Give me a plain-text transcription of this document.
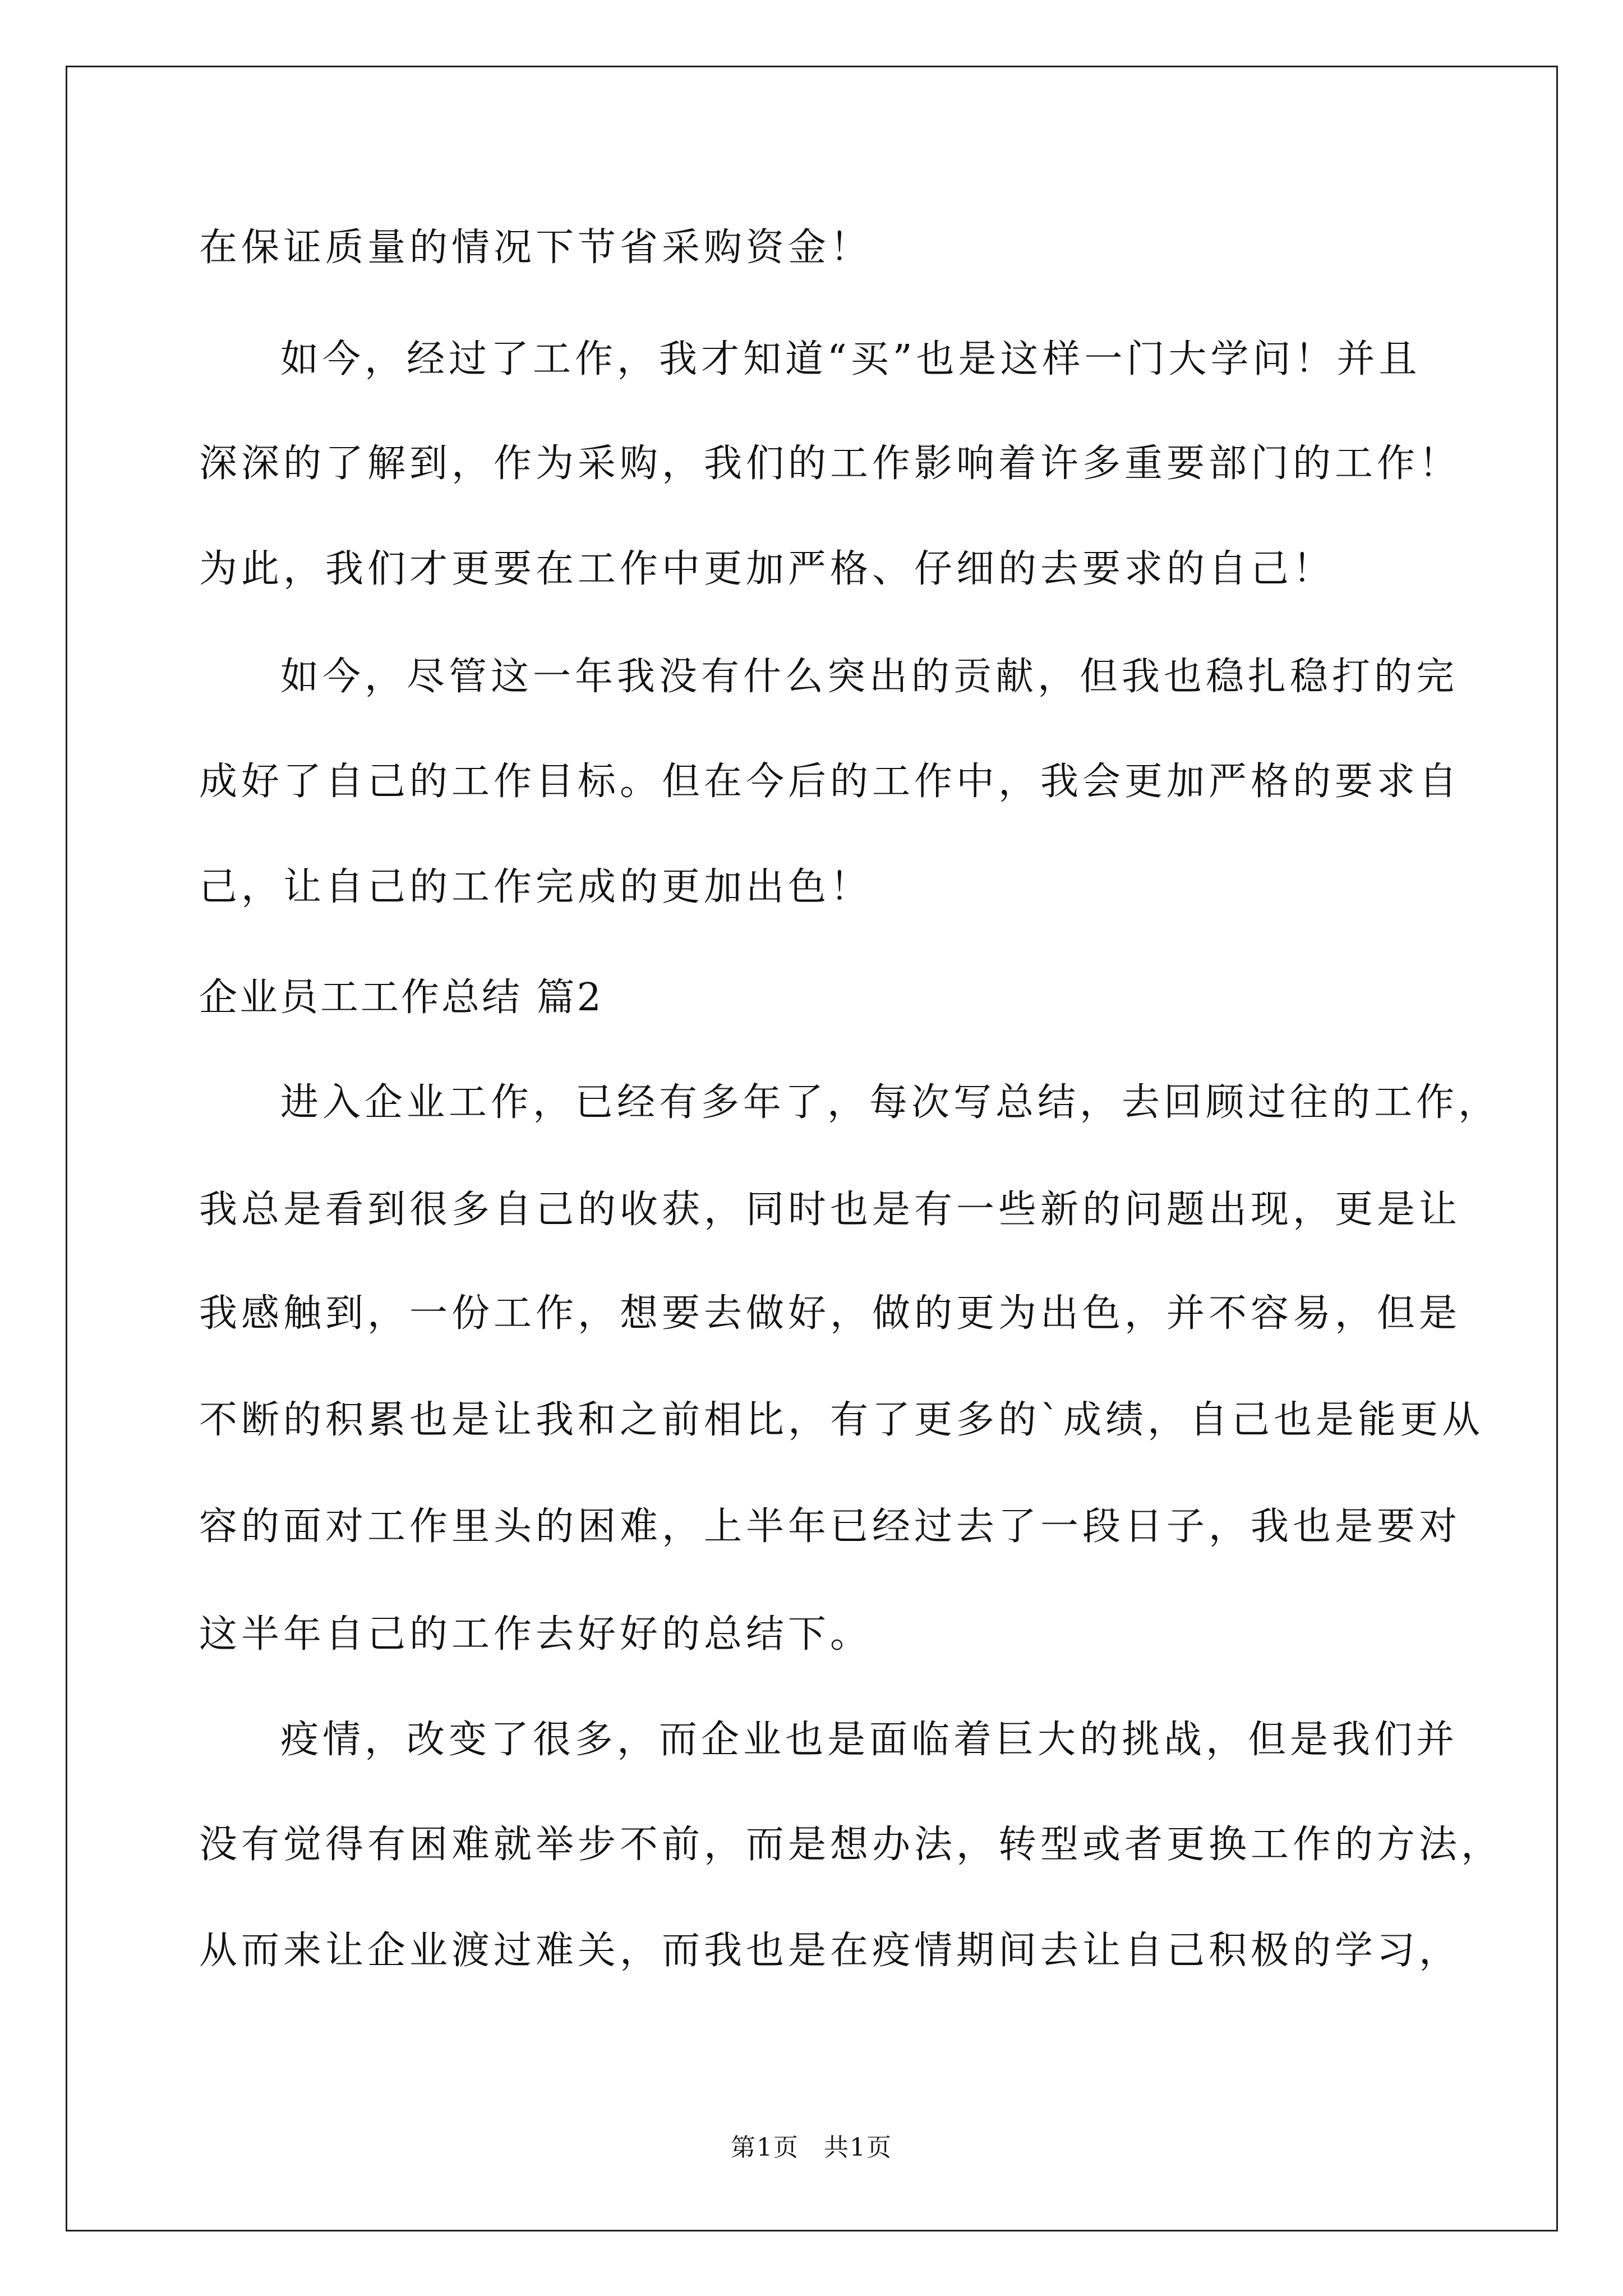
在保证质量的情况下节省采购资金！
如今，经过了工作，我才知道“买”也是这样一门大学问！并且
深深的了解到，作为采购，我们的工作影响着许多重要部门的工作！
为此，我们才更要在工作中更加严格、仔细的去要求的自己！
如今，尽管这一年我没有什么突出的贡献，但我也稳扎稳打的完
成好了自己的工作目标。但在今后的工作中，我会更加严格的要求自
己，让自己的工作完成的更加出色！
企业员工工作总结 篇2
进入企业工作，已经有多年了，每次写总结，去回顾过往的工作，
我总是看到很多自己的收获，同时也是有一些新的问题出现，更是让
我感触到，一份工作，想要去做好，做的更为出色，并不容易，但是
不断的积累也是让我和之前相比，有了更多的`成绩，自己也是能更从
容的面对工作里头的困难，上半年已经过去了一段日子，我也是要对
这半年自己的工作去好好的总结下。
疫情，改变了很多，而企业也是面临着巨大的挑战，但是我们并
没有觉得有困难就举步不前，而是想办法，转型或者更换工作的方法，
从而来让企业渡过难关，而我也是在疫情期间去让自己积极的学习，
第1页 共1页
